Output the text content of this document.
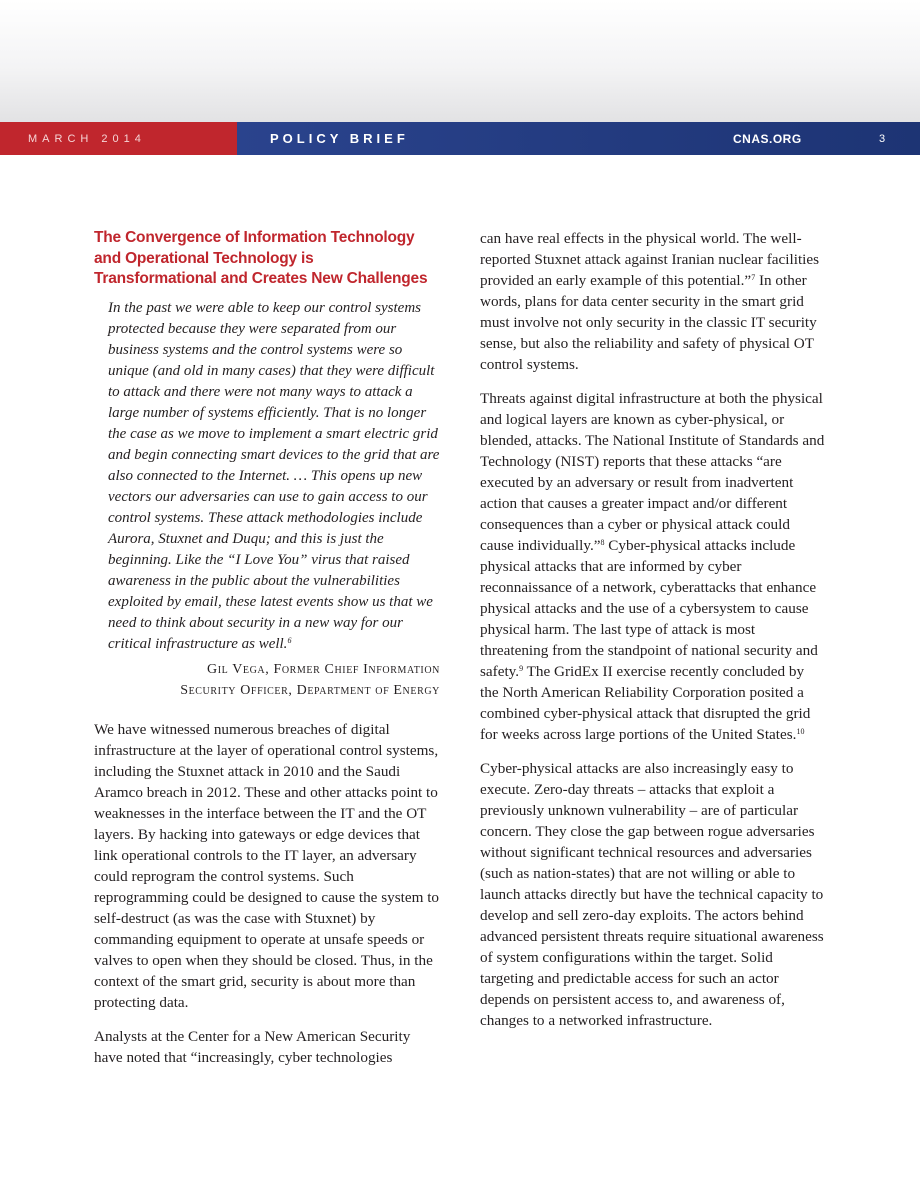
MARCH 2014	POLICY BRIEF	CNAS.ORG	3
The Convergence of Information Technology and Operational Technology is Transformational and Creates New Challenges
In the past we were able to keep our control systems protected because they were separated from our business systems and the control systems were so unique (and old in many cases) that they were difficult to attack and there were not many ways to attack a large number of systems efficiently. That is no longer the case as we move to implement a smart electric grid and begin connecting smart devices to the grid that are also connected to the Internet. … This opens up new vectors our adversaries can use to gain access to our control systems. These attack methodologies include Aurora, Stuxnet and Duqu; and this is just the beginning. Like the “I Love You” virus that raised awareness in the public about the vulnerabilities exploited by email, these latest events show us that we need to think about security in a new way for our critical infrastructure as well.$^6$
Gil Vega, Former Chief Information
Security Officer, Department of Energy

We have witnessed numerous breaches of digital infrastructure at the layer of operational control systems, including the Stuxnet attack in 2010 and the Saudi Aramco breach in 2012. These and other attacks point to weaknesses in the interface between the IT and the OT layers. By hacking into gateways or edge devices that link operational controls to the IT layer, an adversary could reprogram the control systems. Such reprogramming could be designed to cause the system to self-destruct (as was the case with Stuxnet) by commanding equipment to operate at unsafe speeds or valves to open when they should be closed. Thus, in the context of the smart grid, security is about more than protecting data.

Analysts at the Center for a New American Security have noted that “increasingly, cyber technologies

can have real effects in the physical world. The well-reported Stuxnet attack against Iranian nuclear facilities provided an early example of this potential.”$^7$ In other words, plans for data center security in the smart grid must involve not only security in the classic IT security sense, but also the reliability and safety of physical OT control systems.

Threats against digital infrastructure at both the physical and logical layers are known as cyber-physical, or blended, attacks. The National Institute of Standards and Technology (NIST) reports that these attacks “are executed by an adversary or result from inadvertent action that causes a greater impact and/or different consequences than a cyber or physical attack could cause individually.”$^8$ Cyber-physical attacks include physical attacks that are informed by cyber reconnaissance of a network, cyberattacks that enhance physical attacks and the use of a cybersystem to cause physical harm. The last type of attack is most threatening from the standpoint of national security and safety.$^9$ The GridEx II exercise recently concluded by the North American Reliability Corporation posited a combined cyber-physical attack that disrupted the grid for weeks across large portions of the United States.$^{10}$

Cyber-physical attacks are also increasingly easy to execute. Zero-day threats – attacks that exploit a previously unknown vulnerability – are of particular concern. They close the gap between rogue adversaries without significant technical resources and adversaries (such as nation-states) that are not willing or able to launch attacks directly but have the technical capacity to develop and sell zero-day exploits. The actors behind advanced persistent threats require situational awareness of system configurations within the target. Solid targeting and predictable access for such an actor depends on persistent access to, and awareness of, changes to a networked infrastructure.
